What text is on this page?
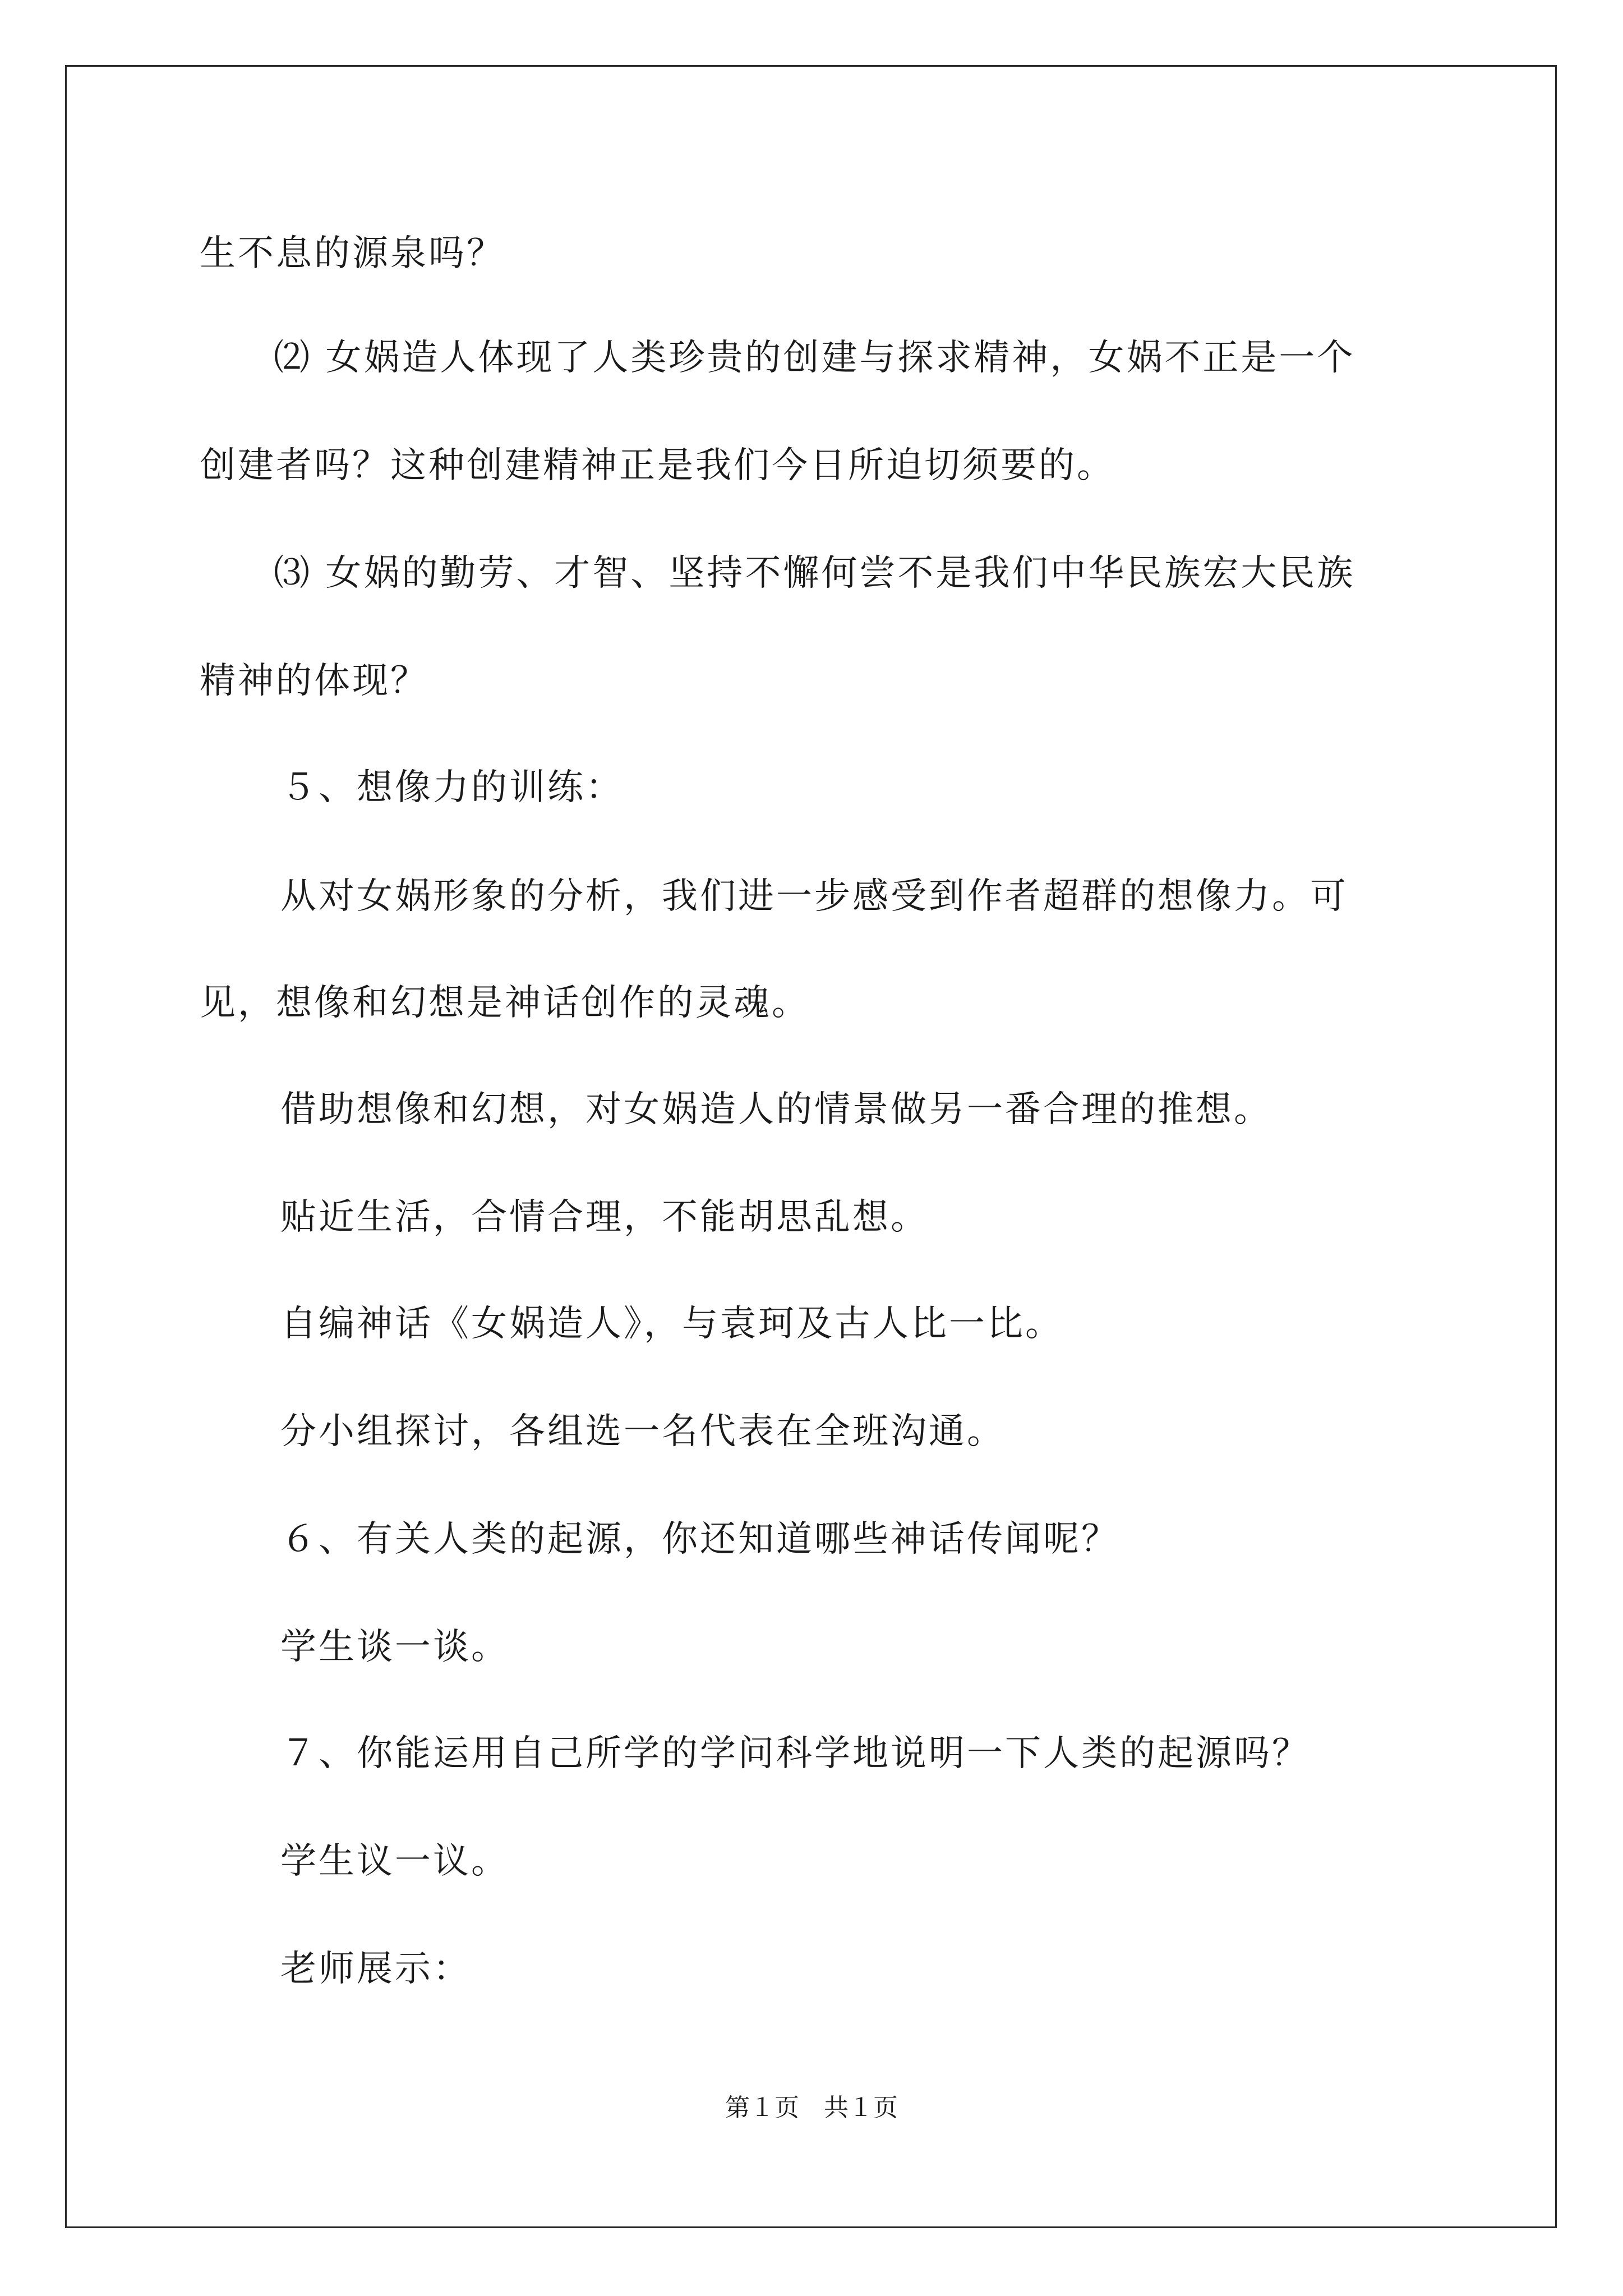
生不息的源泉吗？
⑵ 女娲造人体现了人类珍贵的创建与探求精神，女娲不正是一个
创建者吗？这种创建精神正是我们今日所迫切须要的。
⑶ 女娲的勤劳、才智、坚持不懈何尝不是我们中华民族宏大民族
精神的体现？
５、想像力的训练：
从对女娲形象的分析，我们进一步感受到作者超群的想像力。可
见，想像和幻想是神话创作的灵魂。
借助想像和幻想，对女娲造人的情景做另一番合理的推想。
贴近生活，合情合理，不能胡思乱想。
自编神话《女娲造人》，与袁珂及古人比一比。
分小组探讨，各组选一名代表在全班沟通。
６、有关人类的起源，你还知道哪些神话传闻呢？
学生谈一谈。
７、你能运用自己所学的学问科学地说明一下人类的起源吗？
学生议一议。
老师展示：
第１页　共１页
